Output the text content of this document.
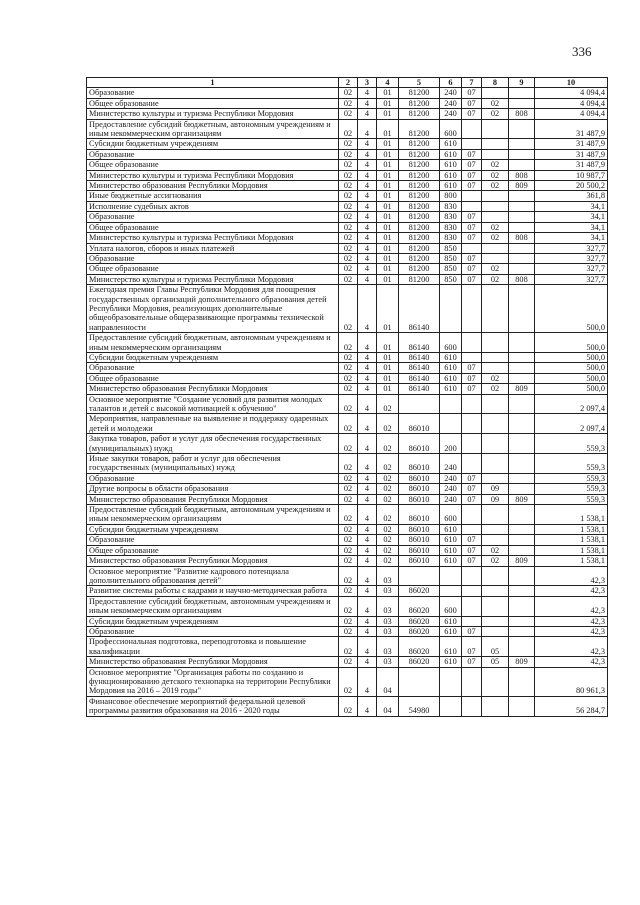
336
1	2	3	4	5	6	7	8	9	10
Образование	02	4	01	81200	240	07			4 094,4
Общее образование	02	4	01	81200	240	07	02		4 094,4
Министерство культуры и туризма Республики Мордовия	02	4	01	81200	240	07	02	808	4 094,4
Предоставление субсидий бюджетным, автономным учреждениям и иным некоммерческим организациям	02	4	01	81200	600				31 487,9
Субсидии бюджетным учреждениям	02	4	01	81200	610				31 487,9
Образование	02	4	01	81200	610	07			31 487,9
Общее образование	02	4	01	81200	610	07	02		31 487,9
Министерство культуры и туризма Республики Мордовия	02	4	01	81200	610	07	02	808	10 987,7
Министерство образования Республики Мордовия	02	4	01	81200	610	07	02	809	20 500,2
Иные бюджетные ассигнования	02	4	01	81200	800				361,8
Исполнение судебных актов	02	4	01	81200	830				34,1
Образование	02	4	01	81200	830	07			34,1
Общее образование	02	4	01	81200	830	07	02		34,1
Министерство культуры и туризма Республики Мордовия	02	4	01	81200	830	07	02	808	34,1
Уплата налогов, сборов и иных платежей	02	4	01	81200	850				327,7
Образование	02	4	01	81200	850	07			327,7
Общее образование	02	4	01	81200	850	07	02		327,7
Министерство культуры и туризма Республики Мордовия	02	4	01	81200	850	07	02	808	327,7
Ежегодная премия Главы Республики Мордовия для поощрения государственных организаций дополнительного образования детей Республики Мордовия, реализующих дополнительные общеобразовательные общеразвивающие программы технической направленности	02	4	01	86140					500,0
Предоставление субсидий бюджетным, автономным учреждениям и иным некоммерческим организациям	02	4	01	86140	600				500,0
Субсидии бюджетным учреждениям	02	4	01	86140	610				500,0
Образование	02	4	01	86140	610	07			500,0
Общее образование	02	4	01	86140	610	07	02		500,0
Министерство образования Республики Мордовия	02	4	01	86140	610	07	02	809	500,0
Основное мероприятие "Создание условий для развития молодых талантов и детей с высокой мотивацией к обучению"	02	4	02						2 097,4
Мероприятия, направленные на выявление и поддержку одаренных детей и молодежи	02	4	02	86010					2 097,4
Закупка товаров, работ и услуг для обеспечения государственных (муниципальных) нужд	02	4	02	86010	200				559,3
Иные закупки товаров, работ и услуг для обеспечения государственных (муниципальных) нужд	02	4	02	86010	240				559,3
Образование	02	4	02	86010	240	07			559,3
Другие вопросы в области образования	02	4	02	86010	240	07	09		559,3
Министерство образования Республики Мордовия	02	4	02	86010	240	07	09	809	559,3
Предоставление субсидий бюджетным, автономным учреждениям и иным некоммерческим организациям	02	4	02	86010	600				1 538,1
Субсидии бюджетным учреждениям	02	4	02	86010	610				1 538,1
Образование	02	4	02	86010	610	07			1 538,1
Общее образование	02	4	02	86010	610	07	02		1 538,1
Министерство образования Республики Мордовия	02	4	02	86010	610	07	02	809	1 538,1
Основное мероприятие "Развитие кадрового потенциала дополнительного образования детей"	02	4	03						42,3
Развитие системы работы с кадрами и научно-методическая работа	02	4	03	86020					42,3
Предоставление субсидий бюджетным, автономным учреждениям и иным некоммерческим организациям	02	4	03	86020	600				42,3
Субсидии бюджетным учреждениям	02	4	03	86020	610				42,3
Образование	02	4	03	86020	610	07			42,3
Профессиональная подготовка, переподготовка и повышение квалификации	02	4	03	86020	610	07	05		42,3
Министерство образования Республики Мордовия	02	4	03	86020	610	07	05	809	42,3
Основное мероприятие "Организация работы по созданию и функционированию детского технопарка на территории Республики Мордовия на 2016 – 2019 годы"	02	4	04						80 961,3
Финансовое обеспечение мероприятий федеральной целевой программы развития образования на 2016 - 2020 годы	02	4	04	54980					56 284,7
